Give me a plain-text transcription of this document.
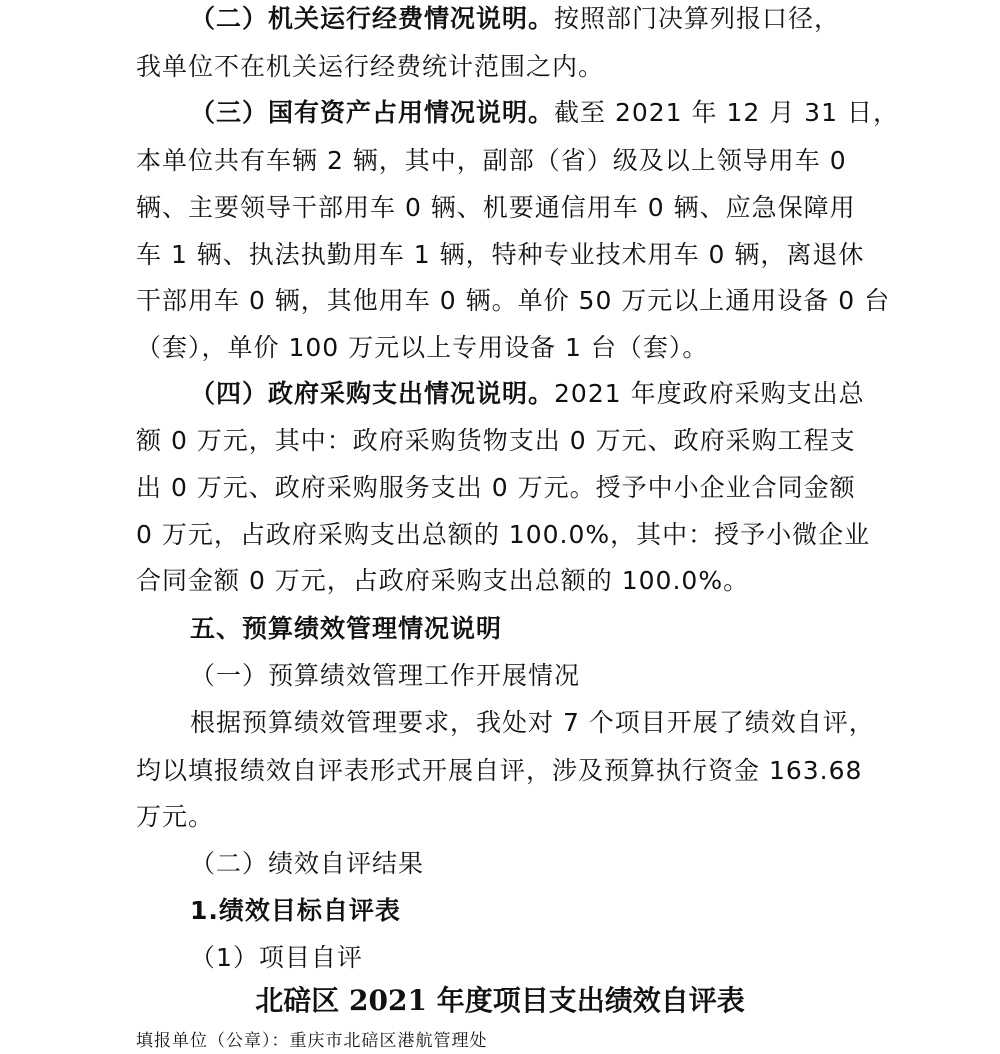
（二）机关运行经费情况说明。按照部门决算列报口径，
我单位不在机关运行经费统计范围之内。
（三）国有资产占用情况说明。截至 2021 年 12 月 31 日，
本单位共有车辆 2 辆，其中，副部（省）级及以上领导用车 0
辆、主要领导干部用车 0 辆、机要通信用车 0 辆、应急保障用
车 1 辆、执法执勤用车 1 辆，特种专业技术用车 0 辆，离退休
干部用车 0 辆，其他用车 0 辆。单价 50 万元以上通用设备 0 台
（套），单价 100 万元以上专用设备 1 台（套）。
（四）政府采购支出情况说明。2021 年度政府采购支出总
额 0 万元，其中：政府采购货物支出 0 万元、政府采购工程支
出 0 万元、政府采购服务支出 0 万元。授予中小企业合同金额
0 万元，占政府采购支出总额的 100.0%，其中：授予小微企业
合同金额 0 万元，占政府采购支出总额的 100.0%。
五、预算绩效管理情况说明
（一）预算绩效管理工作开展情况
根据预算绩效管理要求，我处对 7 个项目开展了绩效自评，
均以填报绩效自评表形式开展自评，涉及预算执行资金 163.68
万元。
（二）绩效自评结果
1.绩效目标自评表
（1）项目自评
北碚区 2021 年度项目支出绩效自评表
填报单位（公章）：重庆市北碚区港航管理处
